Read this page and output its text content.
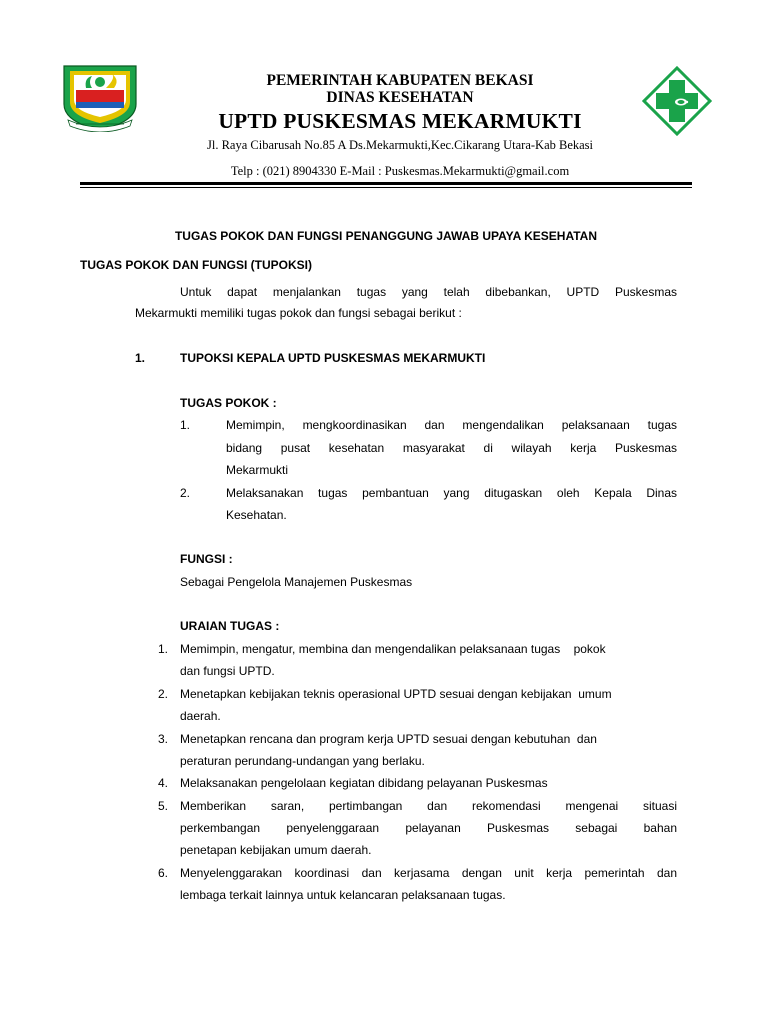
PEMERINTAH KABUPATEN BEKASI
DINAS KESEHATAN
UPTD PUSKESMAS MEKARMUKTI
Jl. Raya Cibarusah No.85 A Ds.Mekarmukti,Kec.Cikarang Utara-Kab Bekasi
Telp : (021) 8904330 E-Mail : Puskesmas.Mekarmukti@gmail.com
TUGAS POKOK DAN FUNGSI PENANGGUNG JAWAB UPAYA KESEHATAN
TUGAS POKOK DAN FUNGSI (TUPOKSI)
Untuk dapat menjalankan tugas yang telah dibebankan, UPTD Puskesmas
Mekarmukti memiliki tugas pokok dan fungsi sebagai berikut :
1.	TUPOKSI KEPALA UPTD PUSKESMAS MEKARMUKTI
TUGAS POKOK :
1.	Memimpin, mengkoordinasikan dan mengendalikan pelaksanaan tugas
bidang pusat kesehatan masyarakat di wilayah kerja Puskesmas
Mekarmukti
2.	Melaksanakan tugas pembantuan yang ditugaskan oleh Kepala Dinas
Kesehatan.
FUNGSI :
Sebagai Pengelola Manajemen Puskesmas
URAIAN TUGAS :
1. Memimpin, mengatur, membina dan mengendalikan pelaksanaan tugas    pokok
dan fungsi UPTD.
2. Menetapkan kebijakan teknis operasional UPTD sesuai dengan kebijakan  umum
daerah.
3. Menetapkan rencana dan program kerja UPTD sesuai dengan kebutuhan  dan
peraturan perundang-undangan yang berlaku.
4. Melaksanakan pengelolaan kegiatan dibidang pelayanan Puskesmas
5. Memberikan saran, pertimbangan dan rekomendasi mengenai situasi
perkembangan penyelenggaraan pelayanan Puskesmas sebagai bahan
penetapan kebijakan umum daerah.
6. Menyelenggarakan koordinasi dan kerjasama dengan unit kerja pemerintah dan
lembaga terkait lainnya untuk kelancaran pelaksanaan tugas.
